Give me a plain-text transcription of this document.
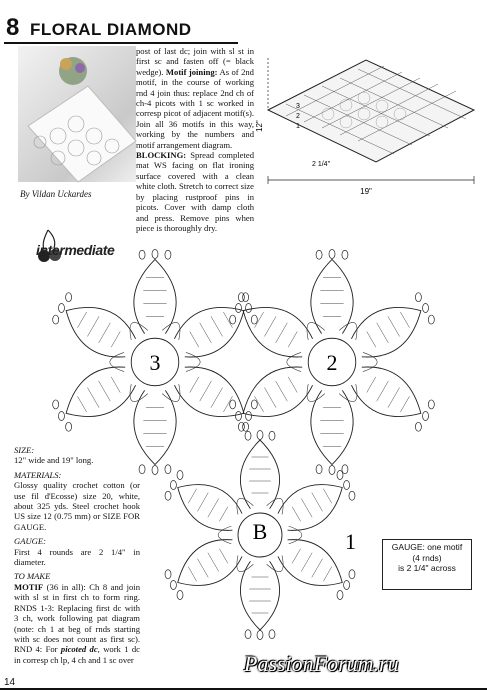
8 FLORAL DIAMOND
By Vildan Uckardes
post of last dc; join with sl st in first sc and fasten off (= black wedge). Motif joining: As of 2nd motif, in the course of working rnd 4 join thus: replace 2nd ch of ch-4 picots with 1 sc worked in corresp picot of adjacent motif(s). Join all 36 motifs in this way, working by the numbers and motif arrangement diagram.
BLOCKING: Spread completed mat WS facing on flat ironing surface covered with a clean white cloth. Stretch to correct size by placing rustproof pins in picots. Cover with damp cloth and press. Remove pins when piece is thoroughly dry.
19"
12"
2 1/4"
3
2
1
intermediate
3	2
1
B
SIZE:
12" wide and 19" long.
MATERIALS:
Glossy quality crochet cotton (or use fil d'Ecosse) size 20, white, about 325 yds. Steel crochet hook US size 12 (0.75 mm) or SIZE FOR GAUGE.
GAUGE:
First 4 rounds are 2 1/4" in diameter.
TO MAKE
MOTIF (36 in all): Ch 8 and join with sl st in first ch to form ring. RNDS 1-3: Replacing first dc with 3 ch, work following pat diagram (note: ch 1 at beg of rnds starting with sc does not count as first sc). RND 4: For picoted dc, work 1 dc in corresp ch lp, 4 ch and 1 sc over
GAUGE: one motif
(4 rnds)
is 2 1/4" across
14
PassionForum.ru
